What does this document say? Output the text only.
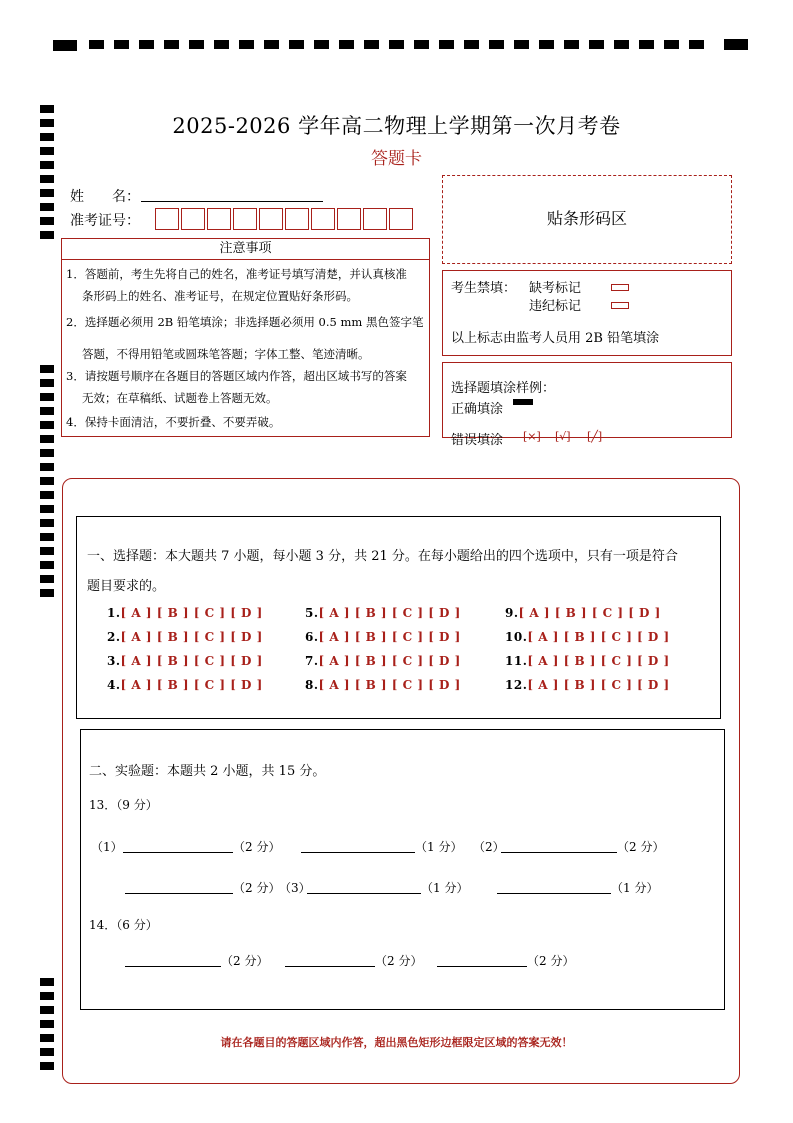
2025-2026 学年高二物理上学期第一次月考卷
答题卡
姓　　名：
准考证号：
注意事项
1．答题前，考生先将自己的姓名，准考证号填写清楚，并认真核准
条形码上的姓名、准考证号，在规定位置贴好条形码。
2．选择题必须用 2B 铅笔填涂；非选择题必须用 0.5 mm 黑色签字笔
答题，不得用铅笔或圆珠笔答题；字体工整、笔迹清晰。
3．请按题号顺序在各题目的答题区域内作答，超出区域书写的答案
无效；在草稿纸、试题卷上答题无效。
4．保持卡面清洁，不要折叠、不要弄破。
贴条形码区
考生禁填： 缺考标记
违纪标记
以上标志由监考人员用 2B 铅笔填涂
选择题填涂样例：
正确填涂
错误填涂 [×] [√] [╱]
一、选择题：本大题共 7 小题，每小题 3 分，共 21 分。在每小题给出的四个选项中，只有一项是符合
题目要求的。
1.[ A ] [ B ] [ C ] [ D ]
2.[ A ] [ B ] [ C ] [ D ]
3.[ A ] [ B ] [ C ] [ D ]
4.[ A ] [ B ] [ C ] [ D ]
5.[ A ] [ B ] [ C ] [ D ]
6.[ A ] [ B ] [ C ] [ D ]
7.[ A ] [ B ] [ C ] [ D ]
8.[ A ] [ B ] [ C ] [ D ]
9.[ A ] [ B ] [ C ] [ D ]
10.[ A ] [ B ] [ C ] [ D ]
11.[ A ] [ B ] [ C ] [ D ]
12.[ A ] [ B ] [ C ] [ D ]
二、实验题：本题共 2 小题，共 15 分。
13．（9 分）
（1）	（2 分）	（1 分） （2）	（2 分）
（2 分）
（3）	（1 分）	（1 分）
14．（6 分）
（2 分）	（2 分）	（2 分）
请在各题目的答题区域内作答，超出黑色矩形边框限定区域的答案无效！
